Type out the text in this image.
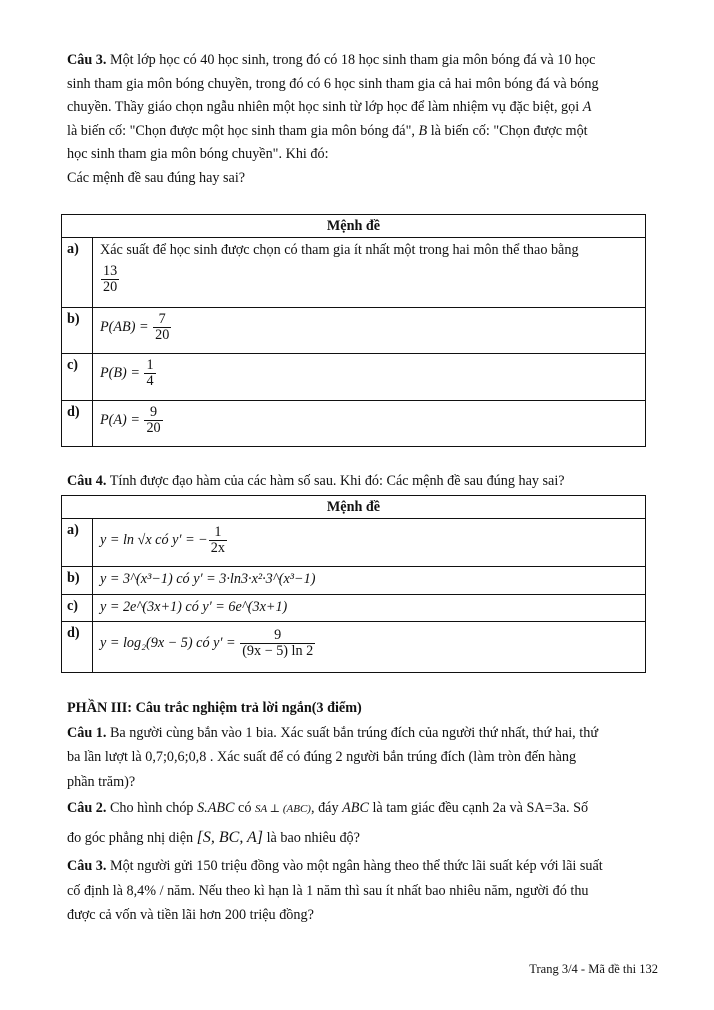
Câu 3. Một lớp học có 40 học sinh, trong đó có 18 học sinh tham gia môn bóng đá và 10 học
sinh tham gia môn bóng chuyền, trong đó có 6 học sinh tham gia cả hai môn bóng đá và bóng
chuyền. Thầy giáo chọn ngẫu nhiên một học sinh từ lớp học để làm nhiệm vụ đặc biệt, gọi A
là biến cố: "Chọn được một học sinh tham gia môn bóng đá", B là biến cố: "Chọn được một
học sinh tham gia môn bóng chuyền". Khi đó:
Các mệnh đề sau đúng hay sai?
Mệnh đề	
a)	Xác suất để học sinh được chọn có tham gia ít nhất một trong hai môn thể thao bằng
$\frac{13}{20}$

b)	$P(AB) = \frac{7}{20}$

c)	$P(B) = \frac{1}{4}$

d)	$P(A) = \frac{9}{20}$
Câu 4. Tính được đạo hàm của các hàm số sau. Khi đó: Các mệnh đề sau đúng hay sai?
Mệnh đề	
a)	y = ln √x có y′ = − $\frac{1}{2x}$

b)	y = 3^(x³−1) có y′ = 3·ln3·x²·3^(x³−1)
c)	y = 2e^(3x+1) có y′ = 6e^(3x+1)
d)	y = log₂(9x − 5) có $y' = \frac{9}{(9x - 5) \ln 2}$
PHẦN III: Câu trắc nghiệm trả lời ngắn(3 điểm)
Câu 1. Ba người cùng bắn vào 1 bia. Xác suất bắn trúng đích của người thứ nhất, thứ hai, thứ
ba lần lượt là 0,7;0,6;0,8 . Xác suất để có đúng 2 người bắn trúng đích (làm tròn đến hàng
phần trăm)?
Câu 2. Cho hình chóp S.ABC có SA ⊥ (ABC), đáy ABC là tam giác đều cạnh 2a và SA=3a. Số
đo góc phẳng nhị diện [S, BC, A] là bao nhiêu độ?
Câu 3. Một người gửi 150 triệu đồng vào một ngân hàng theo thể thức lãi suất kép với lãi suất
cố định là 8,4% / năm. Nếu theo kì hạn là 1 năm thì sau ít nhất bao nhiêu năm, người đó thu
được cả vốn và tiền lãi hơn 200 triệu đồng?
Trang 3/4 - Mã đề thi 132
